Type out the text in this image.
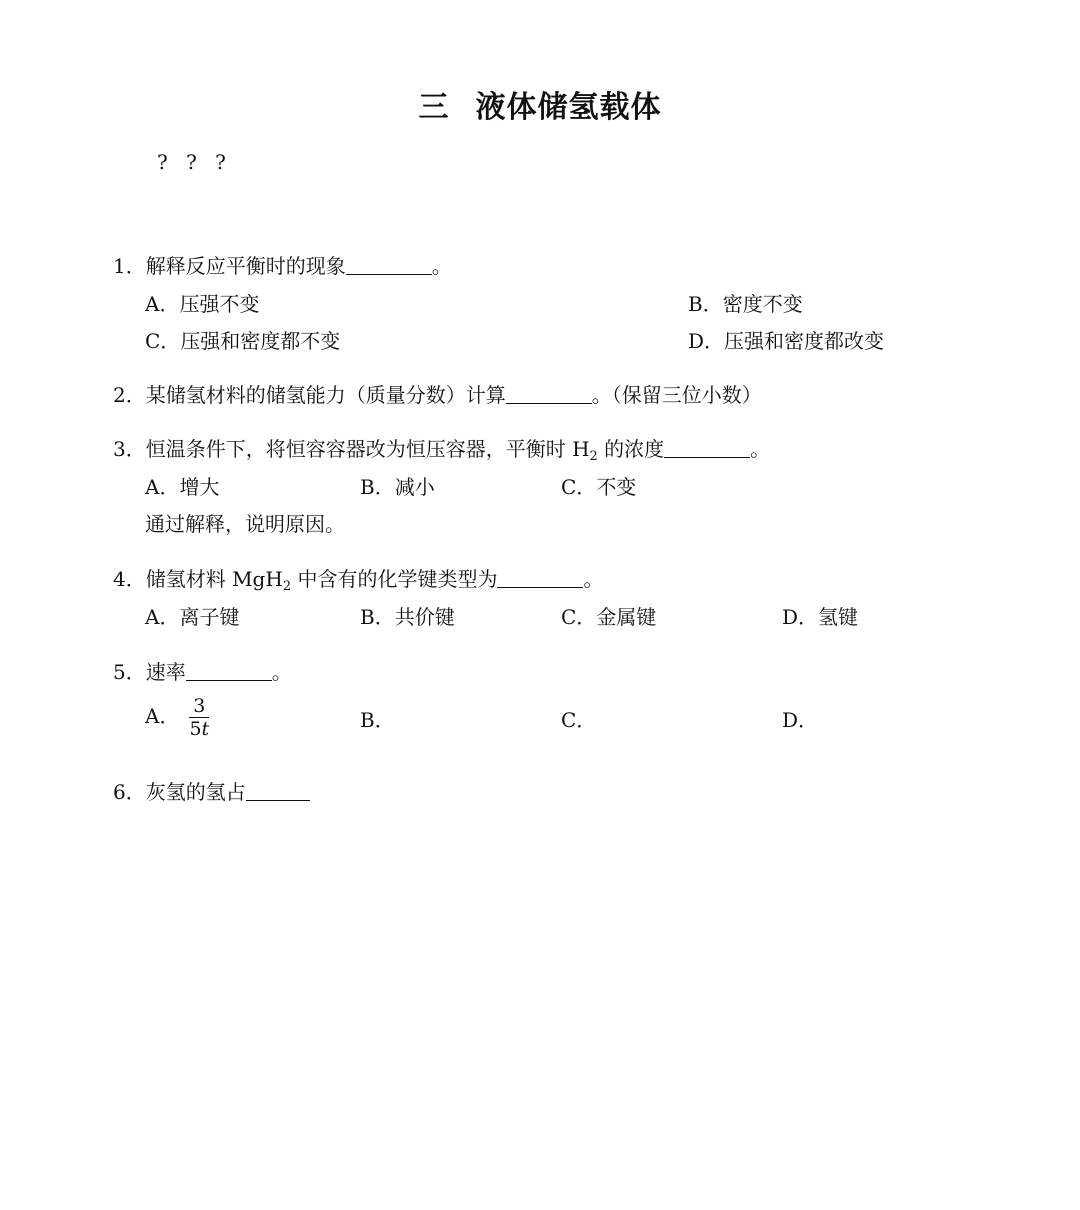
三 液体储氢载体
? ? ?
1．解释反应平衡时的现象	。
A．压强不变	B．密度不变
C．压强和密度都不变	D．压强和密度都改变
2．某储氢材料的储氢能力（质量分数）计算	。（保留三位小数）
3．恒温条件下，将恒容容器改为恒压容器，平衡时 $H_2$ 的浓度	。
A．增大	B．减小	C．不变
通过解释，说明原因。
4．储氢材料 MgH$_2$ 中含有的化学键类型为	。
A．离子键	B．共价键	C．金属键	D．氢键
5．速率	。
A． $\frac{3}{5t}$	B．	C．	D．
6．灰氢的氢占
